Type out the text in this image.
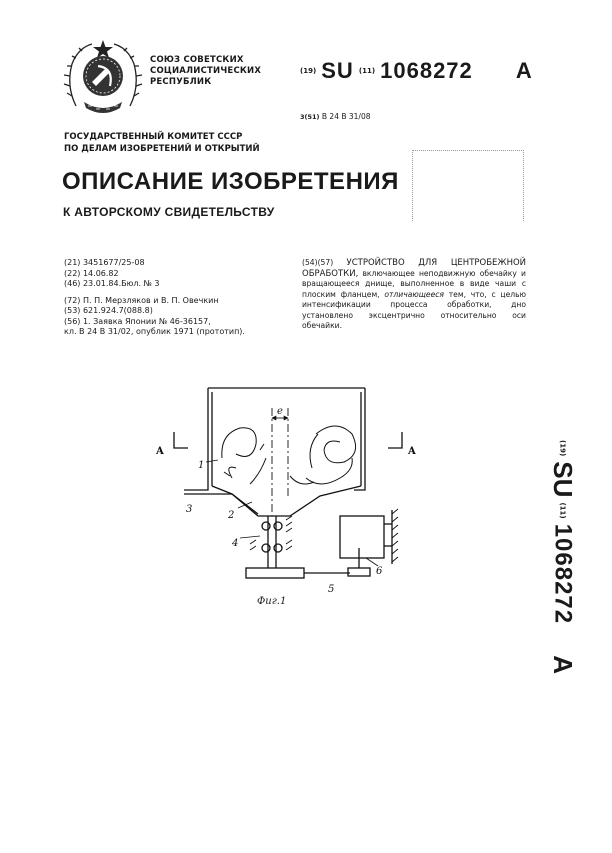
СОЮЗ СОВЕТСКИХ
СОЦИАЛИСТИЧЕСКИХ
РЕСПУБЛИК
(19) SU (11) 1068272 A
3(51) B 24 B 31/08
ГОСУДАРСТВЕННЫЙ КОМИТЕТ СССР
ПО ДЕЛАМ ИЗОБРЕТЕНИЙ И ОТКРЫТИЙ
ОПИСАНИЕ ИЗОБРЕТЕНИЯ
К АВТОРСКОМУ СВИДЕТЕЛЬСТВУ
(21) 3451677/25-08
(22) 14.06.82
(46) 23.01.84.Бюл. № 3
(72) П. П. Мерзляков и В. П. Овечкин
(53) 621.924.7(088.8)
(56) 1. Заявка Японии № 46-36157,
кл. В 24 В 31/02, опублик 1971 (прототип).
(54)(57) УСТРОЙСТВО ДЛЯ ЦЕНТРОБЕЖНОЙ ОБРАБОТКИ, включающее неподвижную обечайку и вращающееся днище, выполненное в виде чаши с плоским фланцем, отличающееся тем, что, с целью интенсификации процесса обработки, днo установлено эксцентрично относительно оси обечайки.
e
A	A
1
2
3
4
5
6
Фиг.1
(19) SU (11) 1068272 A
